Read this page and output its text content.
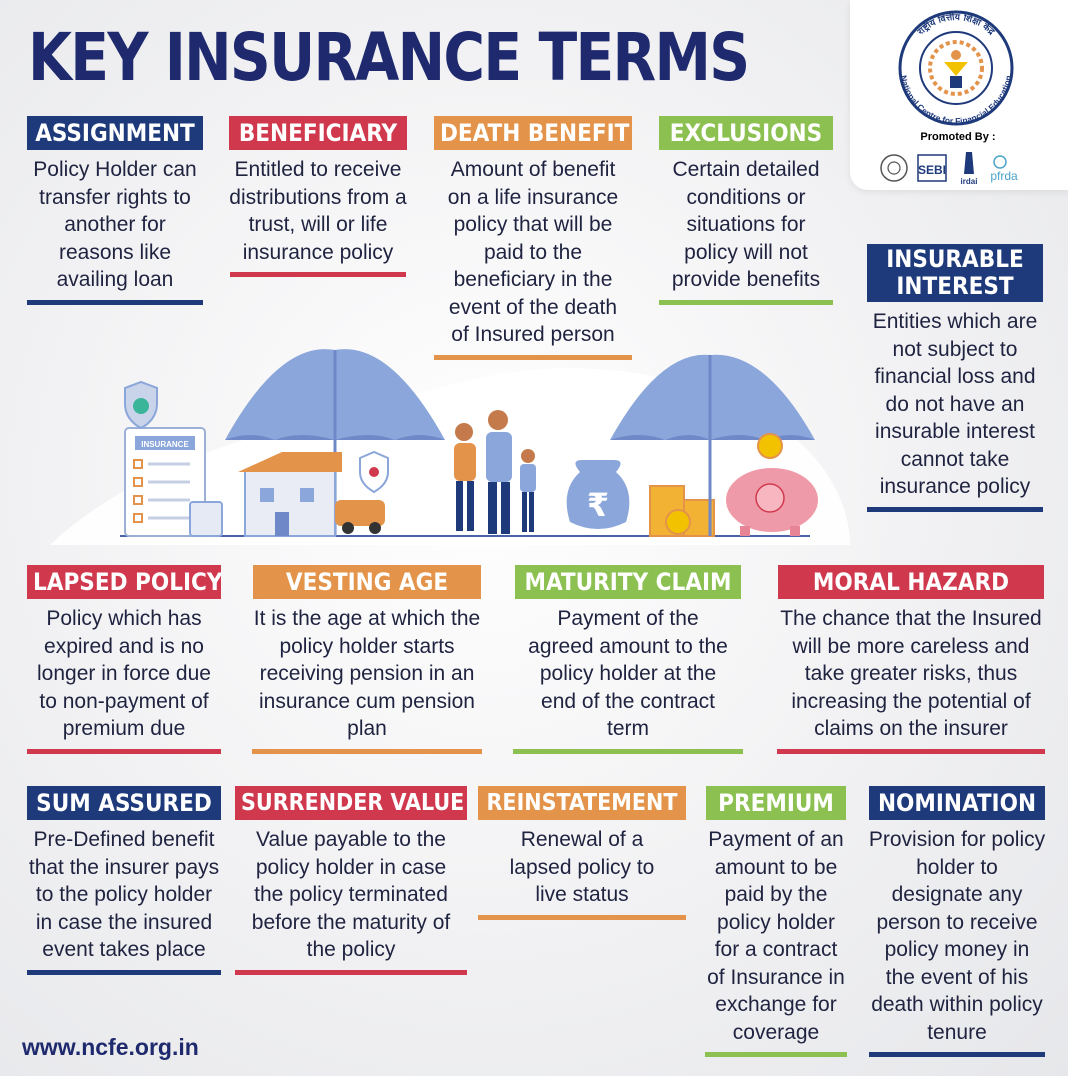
KEY INSURANCE TERMS	राष्ट्रीय वित्तीय शिक्षा केंद्र
National Centre for Financial Education
Promoted By :
SEBI
irdai pfrda
ASSIGNMENT
Policy Holder can transfer rights to another for reasons like availing loan
BENEFICIARY
Entitled to receive distributions from a trust, will or life insurance policy
DEATH BENEFIT
Amount of benefit on a life insurance policy that will be paid to the beneficiary in the event of the death of Insured person
EXCLUSIONS
Certain detailed conditions or situations for policy will not provide benefits
INSURABLE INTEREST
Entities which are not subject to financial loss and do not have an insurable interest cannot take insurance policy
INSURANCE
₹
LAPSED POLICY
Policy which has expired and is no longer in force due to non-payment of premium due
VESTING AGE
It is the age at which the policy holder starts receiving pension in an insurance cum pension plan
MATURITY CLAIM
Payment of the agreed amount to the policy holder at the end of the contract term
MORAL HAZARD
The chance that the Insured will be more careless and take greater risks, thus increasing the potential of claims on the insurer
SUM ASSURED
Pre-Defined benefit that the insurer pays to the policy holder in case the insured event takes place
SURRENDER VALUE
Value payable to the policy holder in case the policy terminated before the maturity of the policy
REINSTATEMENT
Renewal of a lapsed policy to live status
PREMIUM
Payment of an amount to be paid by the policy holder for a contract of Insurance in exchange for coverage
NOMINATION
Provision for policy holder to designate any person to receive policy money in the event of his death within policy tenure
www.ncfe.org.in
